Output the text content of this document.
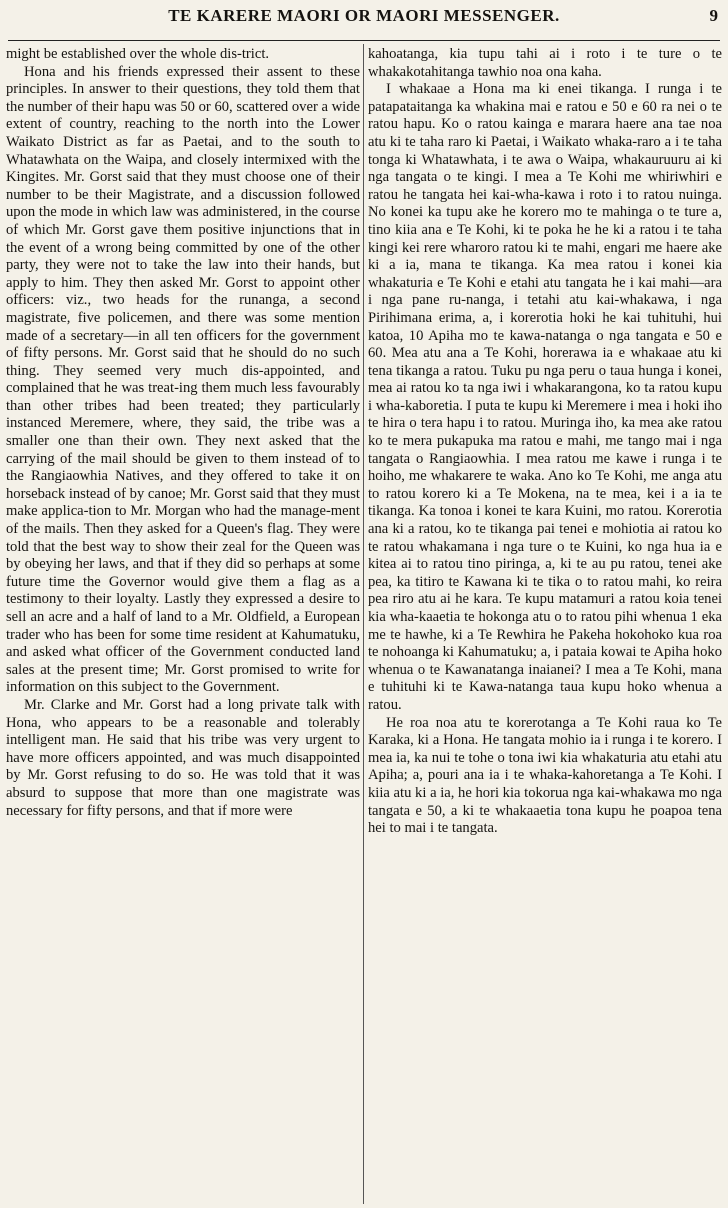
TE KARERE MAORI OR MAORI MESSENGER.	9

might be established over the whole dis-trict.

Hona and his friends expressed their assent to these principles. In answer to their questions, they told them that the number of their hapu was 50 or 60, scattered over a wide extent of country, reaching to the north into the Lower Waikato District as far as Paetai, and to the south to Whatawhata on the Waipa, and closely intermixed with the Kingites. Mr. Gorst said that they must choose one of their number to be their Magistrate, and a discussion followed upon the mode in which law was administered, in the course of which Mr. Gorst gave them positive injunctions that in the event of a wrong being committed by one of the other party, they were not to take the law into their hands, but apply to him. They then asked Mr. Gorst to appoint other officers: viz., two heads for the runanga, a second magistrate, five policemen, and there was some mention made of a secretary—in all ten officers for the government of fifty persons. Mr. Gorst said that he should do no such thing. They seemed very much dis-appointed, and complained that he was treat-ing them much less favourably than other tribes had been treated; they particularly instanced Meremere, where, they said, the tribe was a smaller one than their own. They next asked that the carrying of the mail should be given to them instead of to the Rangiaowhia Natives, and they offered to take it on horseback instead of by canoe; Mr. Gorst said that they must make applica-tion to Mr. Morgan who had the manage-ment of the mails. Then they asked for a Queen's flag. They were told that the best way to show their zeal for the Queen was by obeying her laws, and that if they did so perhaps at some future time the Governor would give them a flag as a testimony to their loyalty. Lastly they expressed a desire to sell an acre and a half of land to a Mr. Oldfield, a European trader who has been for some time resident at Kahumatuku, and asked what officer of the Government conducted land sales at the present time; Mr. Gorst promised to write for information on this subject to the Government.

Mr. Clarke and Mr. Gorst had a long private talk with Hona, who appears to be a reasonable and tolerably intelligent man. He said that his tribe was very urgent to have more officers appointed, and was much disappointed by Mr. Gorst refusing to do so. He was told that it was absurd to suppose that more than one magistrate was necessary for fifty persons, and that if more were

kahoatanga, kia tupu tahi ai i roto i te ture o te whakakotahitanga tawhio noa ona kaha.

I whakaae a Hona ma ki enei tikanga. I runga i te patapataitanga ka whakina mai e ratou e 50 e 60 ra nei o te ratou hapu. Ko o ratou kainga e marara haere ana tae noa atu ki te taha raro ki Paetai, i Waikato whaka-raro a i te taha tonga ki Whatawhata, i te awa o Waipa, whakauruuru ai ki nga tangata o te kingi. I mea a Te Kohi me whiriwhiri e ratou he tangata hei kai-wha-kawa i roto i to ratou nuinga. No konei ka tupu ake he korero mo te mahinga o te ture a, tino kiia ana e Te Kohi, ki te poka he he ki a ratou i te taha kingi kei rere wharoro ratou ki te mahi, engari me haere ake ki a ia, mana te tikanga. Ka mea ratou i konei kia whakaturia e Te Kohi e etahi atu tangata he i kai mahi—ara i nga pane ru-nanga, i tetahi atu kai-whakawa, i nga Pirihimana erima, a, i korerotia hoki he kai tuhituhi, hui katoa, 10 Apiha mo te kawa-natanga o nga tangata e 50 e 60. Mea atu ana a Te Kohi, horerawa ia e whakaae atu ki tena tikanga a ratou. Tuku pu nga peru o taua hunga i konei, mea ai ratou ko ta nga iwi i whakarangona, ko ta ratou kupu i wha-kaboretia. I puta te kupu ki Meremere i mea i hoki iho te hira o tera hapu i to ratou. Muringa iho, ka mea ake ratou ko te mera pukapuka ma ratou e mahi, me tango mai i nga tangata o Rangiaowhia. I mea ratou me kawe i runga i te hoiho, me whakarere te waka. Ano ko Te Kohi, me anga atu to ratou korero ki a Te Mokena, na te mea, kei i a ia te tikanga. Ka tonoa i konei te kara Kuini, mo ratou. Korerotia ana ki a ratou, ko te tikanga pai tenei e mohiotia ai ratou ko te ratou whakamana i nga ture o te Kuini, ko nga hua ia e kitea ai to ratou tino piringa, a, ki te au pu ratou, tenei ake pea, ka titiro te Kawana ki te tika o to ratou mahi, ko reira pea riro atu ai he kara. Te kupu matamuri a ratou koia tenei kia wha-kaaetia te hokonga atu o to ratou pihi whenua 1 eka me te hawhe, ki a Te Rewhira he Pakeha hokohoko kua roa te nohoanga ki Kahumatuku; a, i pataia kowai te Apiha hoko whenua o te Kawanatanga inaianei? I mea a Te Kohi, mana e tuhituhi ki te Kawa-natanga taua kupu hoko whenua a ratou.

He roa noa atu te korerotanga a Te Kohi raua ko Te Karaka, ki a Hona. He tangata mohio ia i runga i te korero. I mea ia, ka nui te tohe o tona iwi kia whakaturia atu etahi atu Apiha; a, pouri ana ia i te whaka-kahoretanga a Te Kohi. I kiia atu ki a ia, he hori kia tokorua nga kai-whakawa mo nga tangata e 50, a ki te whakaaetia tona kupu he poapoa tena hei to mai i te tangata.
